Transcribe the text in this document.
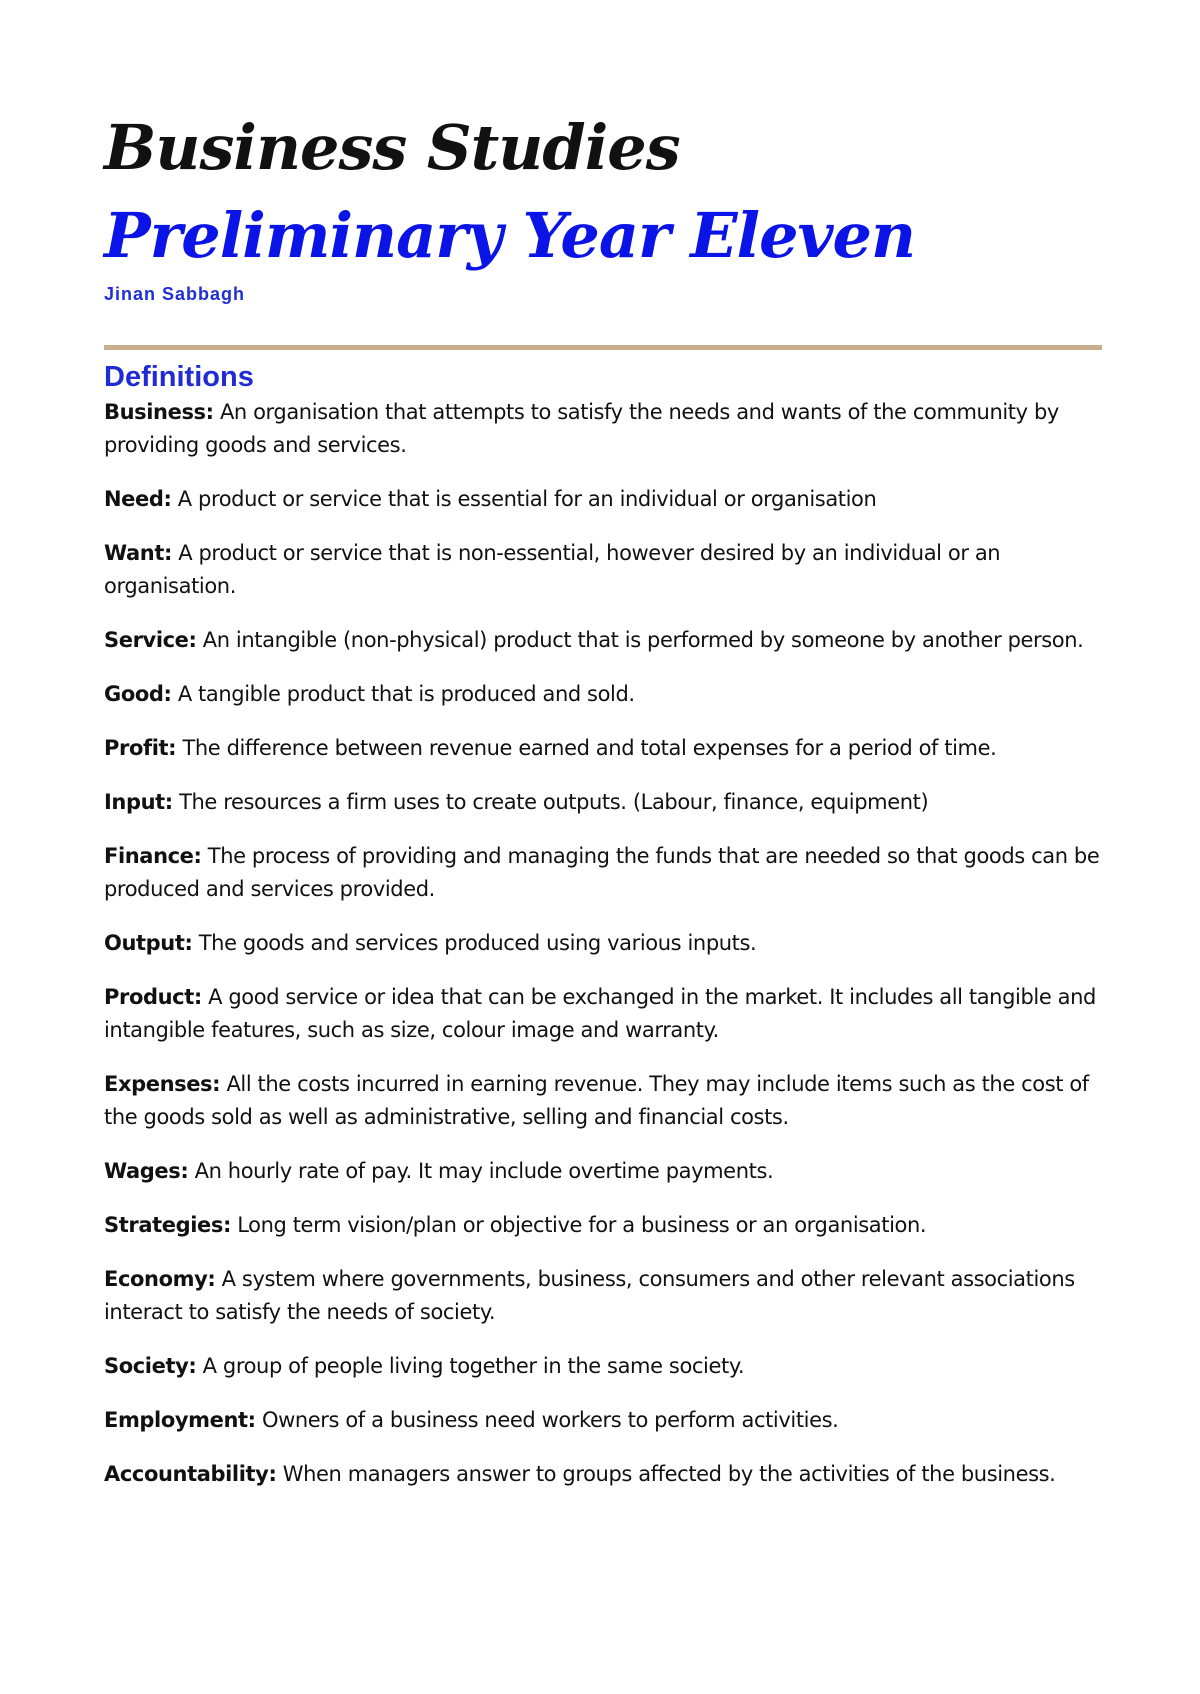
Business Studies
Preliminary Year Eleven
Jinan Sabbagh
Definitions
Business: An organisation that attempts to satisfy the needs and wants of the community by providing goods and services.
Need: A product or service that is essential for an individual or organisation
Want: A product or service that is non-essential, however desired by an individual or an organisation.
Service: An intangible (non-physical) product that is performed by someone by another person.
Good: A tangible product that is produced and sold.
Profit: The difference between revenue earned and total expenses for a period of time.
Input: The resources a firm uses to create outputs. (Labour, finance, equipment)
Finance: The process of providing and managing the funds that are needed so that goods can be produced and services provided.
Output: The goods and services produced using various inputs.
Product: A good service or idea that can be exchanged in the market. It includes all tangible and intangible features, such as size, colour image and warranty.
Expenses: All the costs incurred in earning revenue. They may include items such as the cost of the goods sold as well as administrative, selling and financial costs.
Wages: An hourly rate of pay. It may include overtime payments.
Strategies: Long term vision/plan or objective for a business or an organisation.
Economy: A system where governments, business, consumers and other relevant associations interact to satisfy the needs of society.
Society: A group of people living together in the same society.
Employment: Owners of a business need workers to perform activities.
Accountability: When managers answer to groups affected by the activities of the business.
